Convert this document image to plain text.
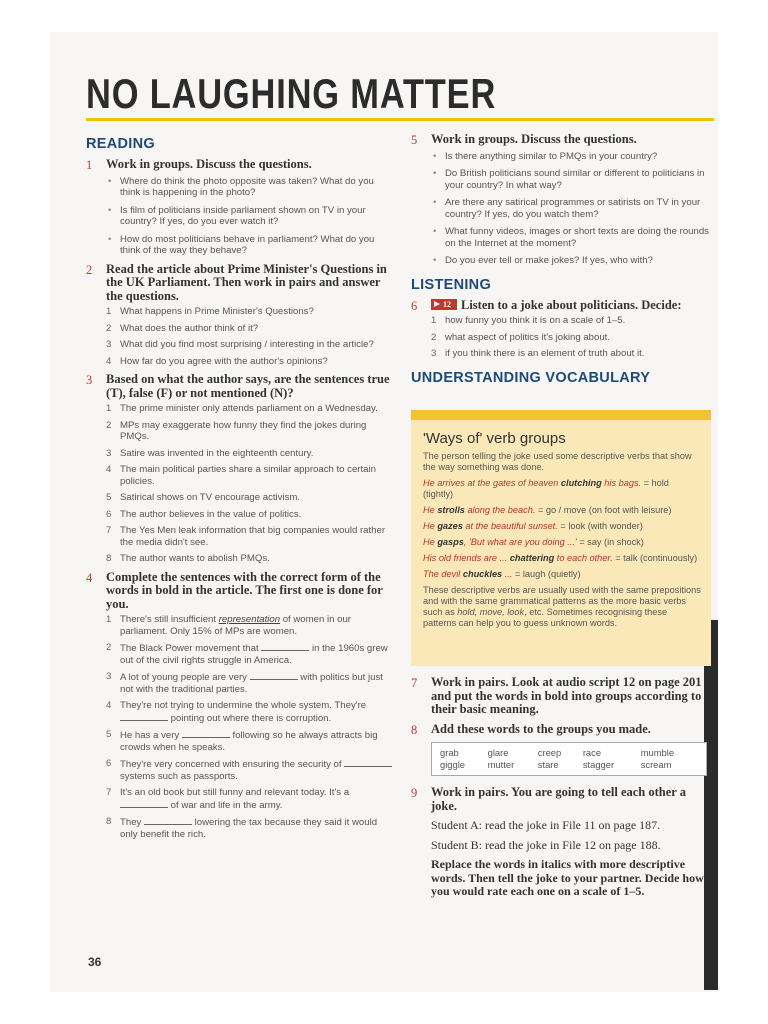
NO LAUGHING MATTER
READING
1 Work in groups. Discuss the questions.
• Where do think the photo opposite was taken? What do you think is happening in the photo?
• Is film of politicians inside parliament shown on TV in your country? If yes, do you ever watch it?
• How do most politicians behave in parliament? What do you think of the way they behave?
2 Read the article about Prime Minister's Questions in the UK Parliament. Then work in pairs and answer the questions.
1 What happens in Prime Minister's Questions?
2 What does the author think of it?
3 What did you find most surprising / interesting in the article?
4 How far do you agree with the author's opinions?
3 Based on what the author says, are the sentences true (T), false (F) or not mentioned (N)?
1 The prime minister only attends parliament on a Wednesday.
2 MPs may exaggerate how funny they find the jokes during PMQs.
3 Satire was invented in the eighteenth century.
4 The main political parties share a similar approach to certain policies.
5 Satirical shows on TV encourage activism.
6 The author believes in the value of politics.
7 The Yes Men leak information that big companies would rather the media didn't see.
8 The author wants to abolish PMQs.
4 Complete the sentences with the correct form of the words in bold in the article. The first one is done for you.
1 There's still insufficient representation of women in our parliament. Only 15% of MPs are women.
2 The Black Power movement that	in the 1960s grew out of the civil rights struggle in America.
3 A lot of young people are very	with politics but just not with the traditional parties.
4 They're not trying to undermine the whole system. They're  pointing out where there is corruption.
5 He has a very	following so he always attracts big crowds when he speaks.
6 They're very concerned with ensuring the security of  systems such as passports.
7 It's an old book but still funny and relevant today. It's a  of war and life in the army.
8 They	lowering the tax because they said it would only benefit the rich.
5 Work in groups. Discuss the questions.
• Is there anything similar to PMQs in your country?
• Do British politicians sound similar or different to politicians in your country? In what way?
• Are there any satirical programmes or satirists on TV in your country? If yes, do you watch them?
• What funny videos, images or short texts are doing the rounds on the Internet at the moment?
• Do you ever tell or make jokes? If yes, who with?
LISTENING
6	12 Listen to a joke about politicians. Decide:
1 how funny you think it is on a scale of 1–5.
2 what aspect of politics it's joking about.
3 if you think there is an element of truth about it.
UNDERSTANDING VOCABULARY
'Ways of' verb groups
The person telling the joke used some descriptive verbs that show the way something was done.
He arrives at the gates of heaven clutching his bags. = hold (tightly)
He strolls along the beach. = go / move (on foot with leisure)
He gazes at the beautiful sunset. = look (with wonder)
He gasps, 'But what are you doing ...' = say (in shock)
His old friends are ... chattering to each other. = talk (continuously)
The devil chuckles ... = laugh (quietly)
These descriptive verbs are usually used with the same prepositions and with the same grammatical patterns as the more basic verbs such as hold, move, look, etc. Sometimes recognising these patterns can help you to guess unknown words.
7 Work in pairs. Look at audio script 12 on page 201 and put the words in bold into groups according to their basic meaning.
8 Add these words to the groups you made.
grab	glare	creep	race	mumble
giggle	mutter	stare	stagger	scream
9 Work in pairs. You are going to tell each other a joke.
Student A: read the joke in File 11 on page 187.
Student B: read the joke in File 12 on page 188.
Replace the words in italics with more descriptive words. Then tell the joke to your partner. Decide how you would rate each one on a scale of 1–5.
36
